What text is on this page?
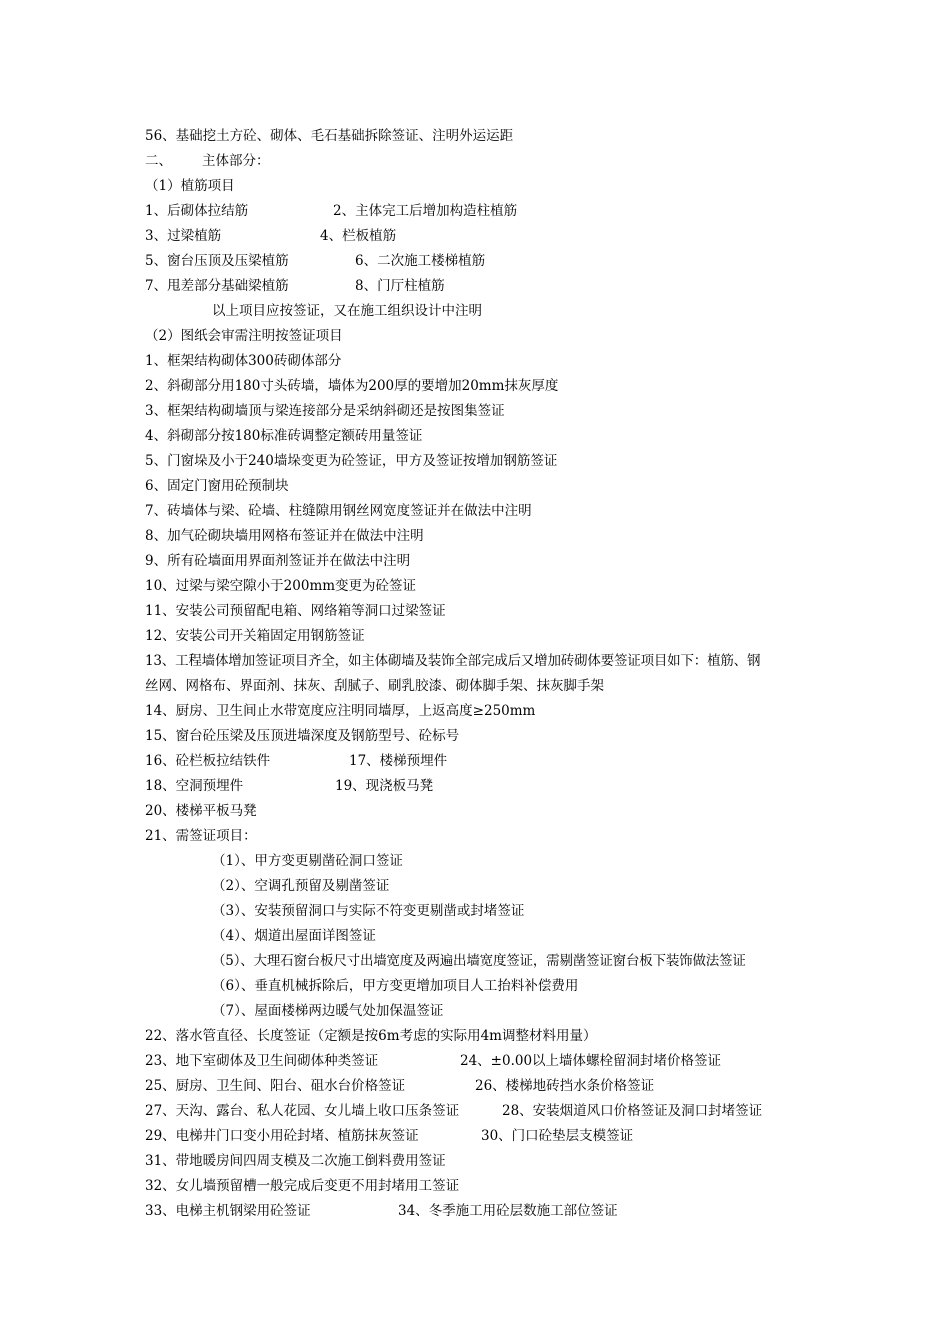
56、基础挖土方砼、砌体、毛石基础拆除签证、注明外运运距
二、 主体部分：
（1）植筋项目
1、后砌体拉结筋	2、主体完工后增加构造柱植筋
3、过梁植筋	4、栏板植筋
5、窗台压顶及压梁植筋	6、二次施工楼梯植筋
7、甩差部分基础梁植筋	8、门厅柱植筋
以上项目应按签证，又在施工组织设计中注明
（2）图纸会审需注明按签证项目
1、框架结构砌体300砖砌体部分
2、斜砌部分用180寸头砖墙，墙体为200厚的要增加20mm抹灰厚度
3、框架结构砌墙顶与梁连接部分是采纳斜砌还是按图集签证
4、斜砌部分按180标准砖调整定额砖用量签证
5、门窗垛及小于240墙垛变更为砼签证，甲方及签证按增加钢筋签证
6、固定门窗用砼预制块
7、砖墙体与梁、砼墙、柱缝隙用钢丝网宽度签证并在做法中注明
8、加气砼砌块墙用网格布签证并在做法中注明
9、所有砼墙面用界面剂签证并在做法中注明
10、过梁与梁空隙小于200mm变更为砼签证
11、安装公司预留配电箱、网络箱等洞口过梁签证
12、安装公司开关箱固定用钢筋签证
13、工程墙体增加签证项目齐全，如主体砌墙及装饰全部完成后又增加砖砌体要签证项目如下：植筋、钢
丝网、网格布、界面剂、抹灰、刮腻子、刷乳胶漆、砌体脚手架、抹灰脚手架
14、厨房、卫生间止水带宽度应注明同墙厚，上返高度≥250mm
15、窗台砼压梁及压顶进墙深度及钢筋型号、砼标号
16、砼栏板拉结铁件	17、楼梯预埋件
18、空洞预埋件	19、现浇板马凳
20、楼梯平板马凳
21、需签证项目：
（1）、甲方变更剔凿砼洞口签证
（2）、空调孔预留及剔凿签证
（3）、安装预留洞口与实际不符变更剔凿或封堵签证
（4）、烟道出屋面详图签证
（5）、大理石窗台板尺寸出墙宽度及两遍出墙宽度签证，需剔凿签证窗台板下装饰做法签证
（6）、垂直机械拆除后，甲方变更增加项目人工抬料补偿费用
（7）、屋面楼梯两边暖气处加保温签证
22、落水管直径、长度签证（定额是按6m考虑的实际用4m调整材料用量）
23、地下室砌体及卫生间砌体种类签证	24、±0.00以上墙体螺栓留洞封堵价格签证
25、厨房、卫生间、阳台、砠水台价格签证	26、楼梯地砖挡水条价格签证
27、天沟、露台、私人花园、女儿墙上收口压条签证	28、安装烟道风口价格签证及洞口封堵签证
29、电梯井门口变小用砼封堵、植筋抹灰签证	30、门口砼垫层支模签证
31、带地暖房间四周支模及二次施工倒料费用签证
32、女儿墙预留槽一般完成后变更不用封堵用工签证
33、电梯主机钢梁用砼签证	34、冬季施工用砼层数施工部位签证
